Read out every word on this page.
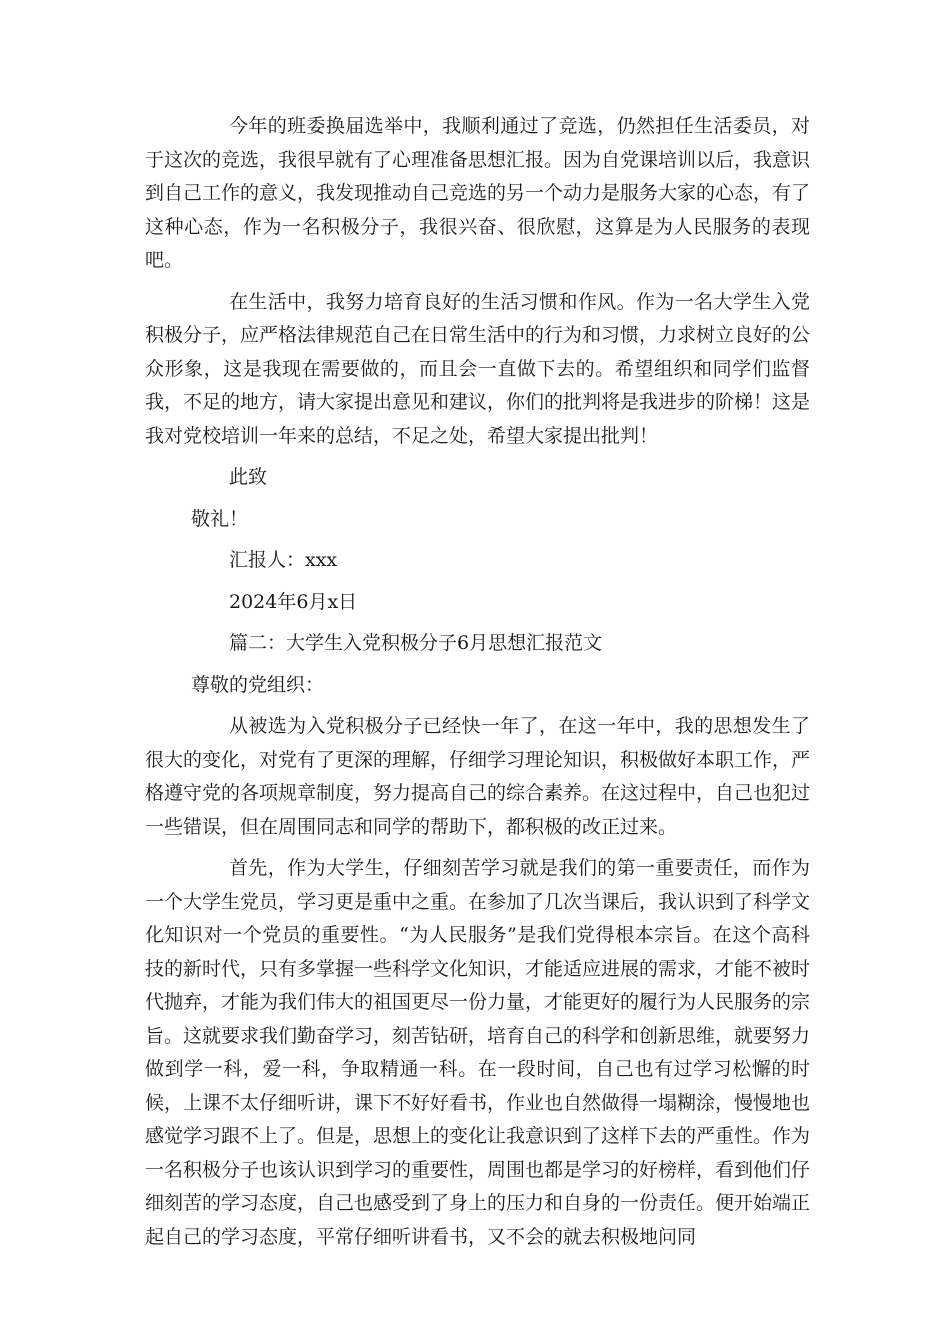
今年的班委换届选举中，我顺利通过了竞选，仍然担任生活委员，对于这次的竞选，我很早就有了心理准备思想汇报。因为自党课培训以后，我意识到自己工作的意义，我发现推动自己竞选的另一个动力是服务大家的心态，有了这种心态，作为一名积极分子，我很兴奋、很欣慰，这算是为人民服务的表现吧。

在生活中，我努力培育良好的生活习惯和作风。作为一名大学生入党积极分子，应严格法律规范自己在日常生活中的行为和习惯，力求树立良好的公众形象，这是我现在需要做的，而且会一直做下去的。希望组织和同学们监督我，不足的地方，请大家提出意见和建议，你们的批判将是我进步的阶梯！这是我对党校培训一年来的总结，不足之处，希望大家提出批判！

此致
敬礼！
汇报人：xxx
2024年6月x日
篇二：大学生入党积极分子6月思想汇报范文
尊敬的党组织：

从被选为入党积极分子已经快一年了，在这一年中，我的思想发生了很大的变化，对党有了更深的理解，仔细学习理论知识，积极做好本职工作，严格遵守党的各项规章制度，努力提高自己的综合素养。在这过程中，自己也犯过一些错误，但在周围同志和同学的帮助下，都积极的改正过来。

首先，作为大学生，仔细刻苦学习就是我们的第一重要责任，而作为一个大学生党员，学习更是重中之重。在参加了几次当课后，我认识到了科学文化知识对一个党员的重要性。“为人民服务”是我们党得根本宗旨。在这个高科技的新时代，只有多掌握一些科学文化知识，才能适应进展的需求，才能不被时代抛弃，才能为我们伟大的祖国更尽一份力量，才能更好的履行为人民服务的宗旨。这就要求我们勤奋学习，刻苦钻研，培育自己的科学和创新思维，就要努力做到学一科，爱一科，争取精通一科。在一段时间，自己也有过学习松懈的时候，上课不太仔细听讲，课下不好好看书，作业也自然做得一塌糊涂，慢慢地也感觉学习跟不上了。但是，思想上的变化让我意识到了这样下去的严重性。作为一名积极分子也该认识到学习的重要性，周围也都是学习的好榜样，看到他们仔细刻苦的学习态度，自己也感受到了身上的压力和自身的一份责任。便开始端正起自己的学习态度，平常仔细听讲看书，又不会的就去积极地问同
